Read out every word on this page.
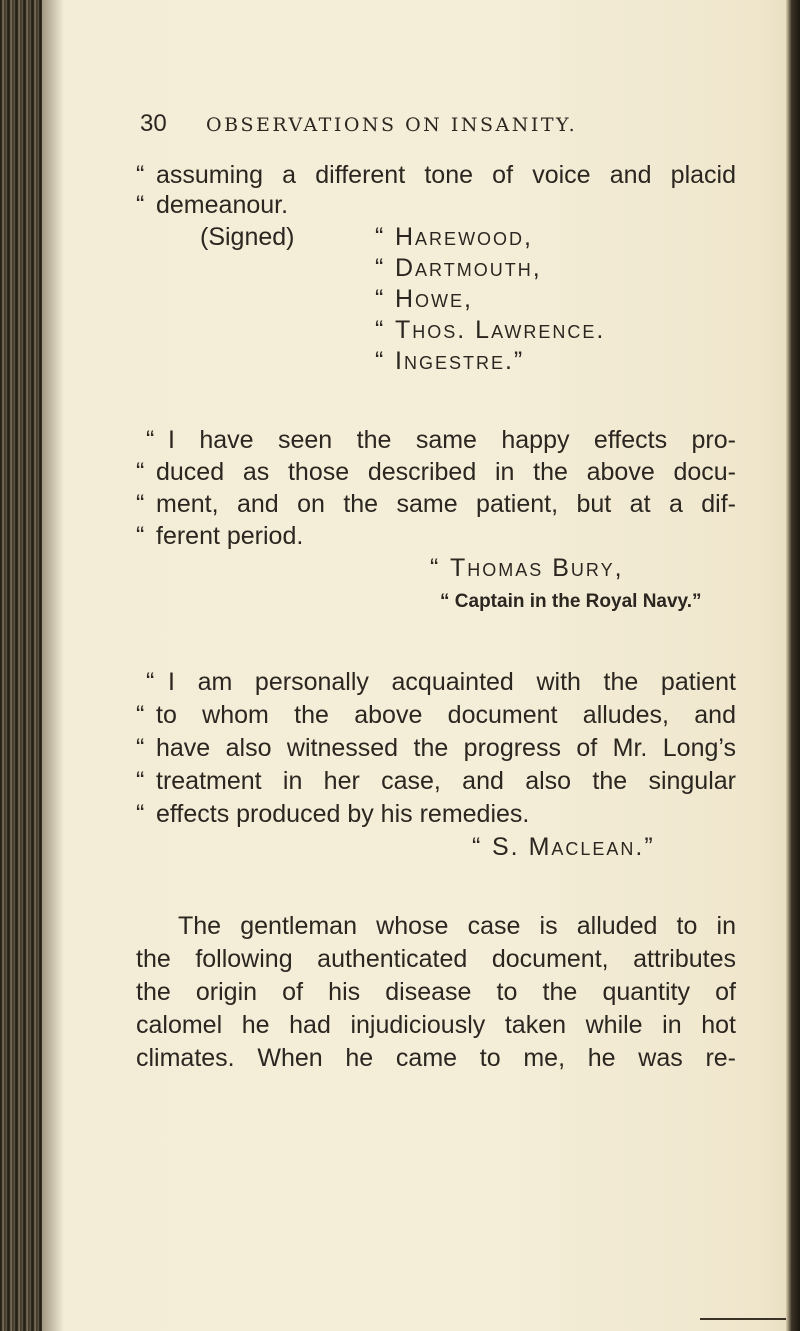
30 OBSERVATIONS ON INSANITY.
“ assuming a different tone of voice and placid
“ demeanour.
(Signed)	“ Harewood,
“ Dartmouth,
“ Howe,
“ Thos. Lawrence.
“ Ingestre.”
“ I have seen the same happy effects pro-
“ duced as those described in the above docu-
“ ment, and on the same patient, but at a dif-
“ ferent period.
“ Thomas Bury,
“ Captain in the Royal Navy.”
“ I am personally acquainted with the patient
“ to whom the above document alludes, and
“ have also witnessed the progress of Mr. Long’s
“ treatment in her case, and also the singular
“ effects produced by his remedies.
“ S. Maclean.”
The gentleman whose case is alluded to in
the following authenticated document, attributes
the origin of his disease to the quantity of
calomel he had injudiciously taken while in hot
climates. When he came to me, he was re-
